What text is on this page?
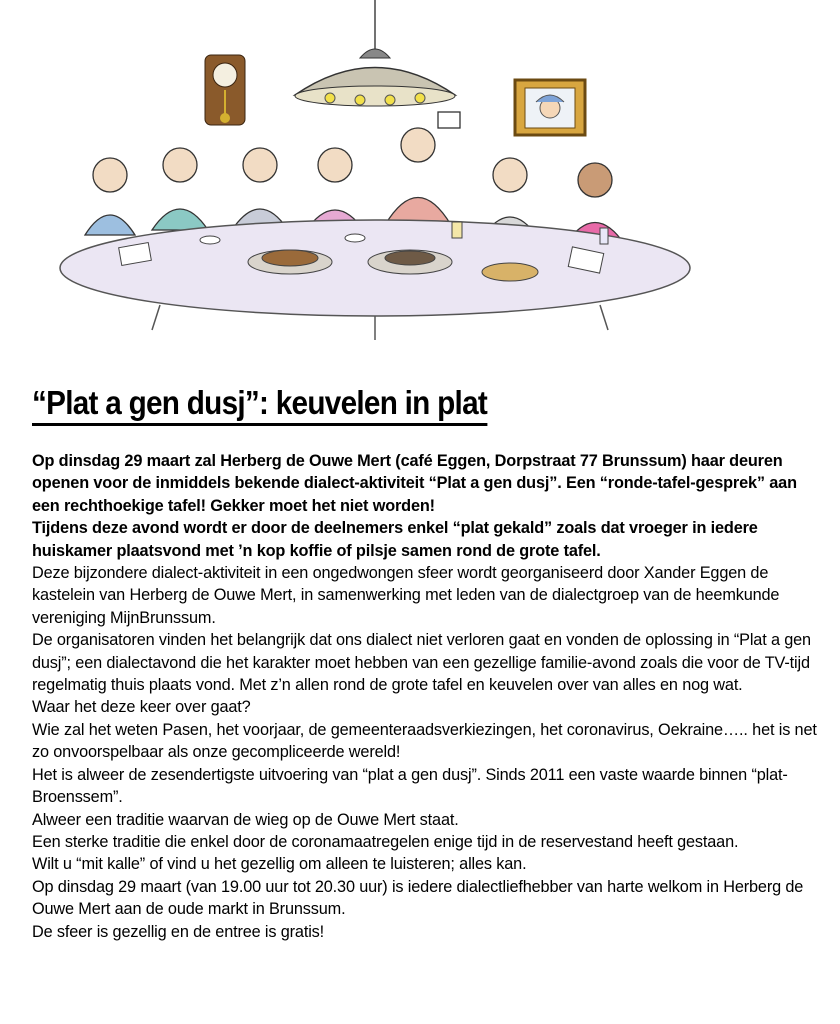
“Plat a gen dusj”: keuvelen in plat

Op dinsdag 29 maart zal Herberg de Ouwe Mert (café Eggen, Dorpstraat 77 Brunssum) haar deuren openen voor de inmiddels bekende dialect-aktiviteit “Plat a gen dusj”. Een “ronde-tafel-gesprek” aan een rechthoekige tafel! Gekker moet het niet worden!

Tijdens deze avond wordt er door de deelnemers enkel “plat gekald” zoals dat vroeger in iedere huiskamer plaatsvond met ’n kop koffie of pilsje samen rond de grote tafel.

Deze bijzondere dialect-aktiviteit in een ongedwongen sfeer wordt georganiseerd door Xander Eggen de kastelein van Herberg de Ouwe Mert, in samenwerking met leden van de dialectgroep van de heemkunde vereniging MijnBrunssum.

De organisatoren vinden het belangrijk dat ons dialect niet verloren gaat en vonden de oplossing in “Plat a gen dusj”; een dialectavond die het karakter moet hebben van een gezellige familie-avond zoals die voor de TV-tijd regelmatig thuis plaats vond. Met z’n allen rond de grote tafel en keuvelen over van alles en nog wat.

Waar het deze keer over gaat?

Wie zal het weten Pasen, het voorjaar, de gemeenteraadsverkiezingen, het coronavirus, Oekraine….. het is net zo onvoorspelbaar als onze gecompliceerde wereld!

Het is alweer de zesendertigste uitvoering van “plat a gen dusj”. Sinds 2011 een vaste waarde binnen “plat-Broenssem”.

Alweer een traditie waarvan de wieg op de Ouwe Mert staat.

Een sterke traditie die enkel door de coronamaatregelen enige tijd in de reservestand heeft gestaan.

Wilt u “mit kalle” of vind u het gezellig om alleen te luisteren; alles kan.

Op dinsdag 29 maart (van 19.00 uur tot 20.30 uur) is iedere dialectliefhebber van harte welkom in Herberg de Ouwe Mert aan de oude markt in Brunssum.

De sfeer is gezellig en de entree is gratis!
